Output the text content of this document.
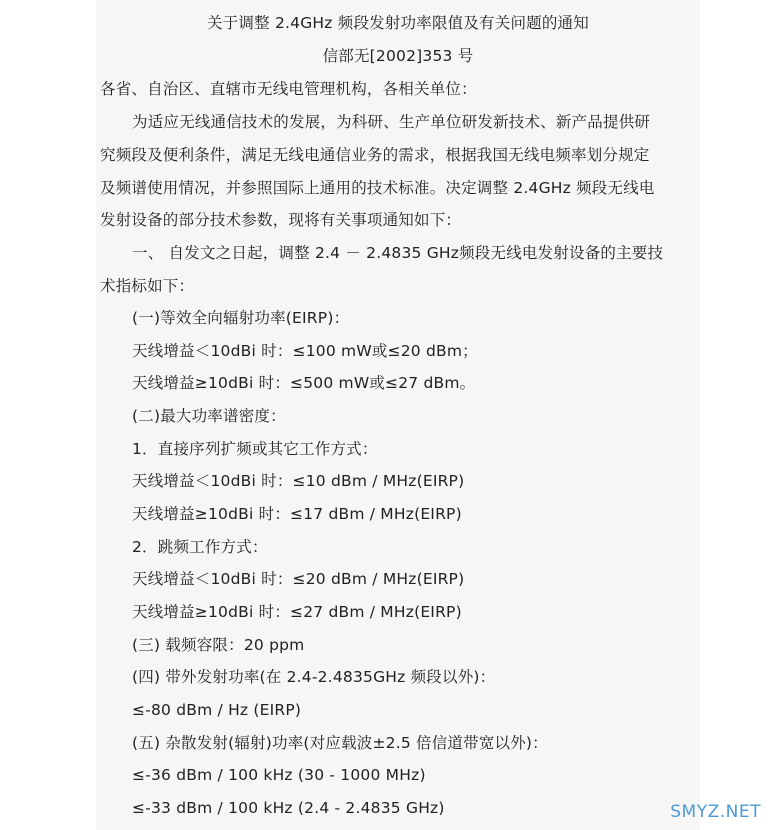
关于调整 2.4GHz 频段发射功率限值及有关问题的通知
信部无[2002]353 号
各省、自治区、直辖市无线电管理机构，各相关单位：
为适应无线通信技术的发展，为科研、生产单位研发新技术、新产品提供研
究频段及便利条件，满足无线电通信业务的需求，根据我国无线电频率划分规定
及频谱使用情况，并参照国际上通用的技术标准。决定调整 2.4GHz 频段无线电
发射设备的部分技术参数，现将有关事项通知如下：
一、 自发文之日起，调整 2.4 － 2.4835 GHz频段无线电发射设备的主要技
术指标如下：
(一)等效全向辐射功率(EIRP)：
天线增益＜10dBi 时：≤100 mW或≤20 dBm；
天线增益≥10dBi 时：≤500 mW或≤27 dBm。
(二)最大功率谱密度：
1．直接序列扩频或其它工作方式：
天线增益＜10dBi 时：≤10 dBm / MHz(EIRP)
天线增益≥10dBi 时：≤17 dBm / MHz(EIRP)
2．跳频工作方式：
天线增益＜10dBi 时：≤20 dBm / MHz(EIRP)
天线增益≥10dBi 时：≤27 dBm / MHz(EIRP)
(三) 载频容限：20 ppm
(四) 带外发射功率(在 2.4-2.4835GHz 频段以外)：
≤-80 dBm / Hz (EIRP)
(五) 杂散发射(辐射)功率(对应载波±2.5 倍信道带宽以外)：
≤-36 dBm / 100 kHz (30 - 1000 MHz)
≤-33 dBm / 100 kHz (2.4 - 2.4835 GHz)	SMYZ.NET
